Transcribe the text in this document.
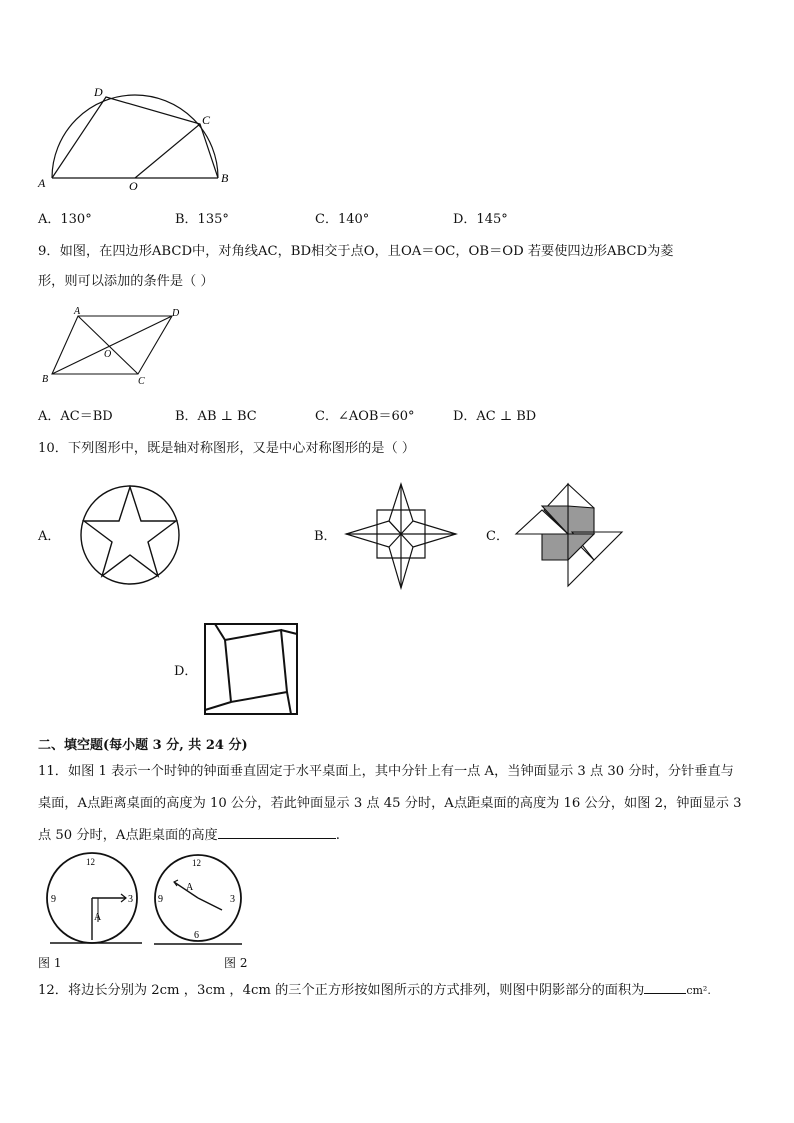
D
C
A	O
B
A．130°	B．135°	C．140°	D．145°
9．如图，在四边形ABCD中，对角线AC，BD相交于点O，且OA＝OC，OB＝OD 若要使四边形ABCD为菱
形，则可以添加的条件是（ ）
A	D
O
B	C
A．AC＝BD	B．AB ⊥ BC	C．∠AOB＝60°	D．AC ⊥ BD
10．下列图形中，既是轴对称图形，又是中心对称图形的是（ ）
A．	B．	C．
D．
二、填空题(每小题 3 分, 共 24 分)
11．如图 1 表示一个时钟的钟面垂直固定于水平桌面上，其中分针上有一点 A，当钟面显示 3 点 30 分时，分针垂直与
桌面，A点距离桌面的高度为 10 公分，若此钟面显示 3 点 45 分时，A点距桌面的高度为 16 公分，如图 2，钟面显示 3
点 50 分时，A点距桌面的高度	.
12
9	3
A
12
9	3
6
A
图 1	图 2
12．将边长分别为 2cm ，3cm ，4cm 的三个正方形按如图所示的方式排列，则图中阴影部分的面积为	cm².
